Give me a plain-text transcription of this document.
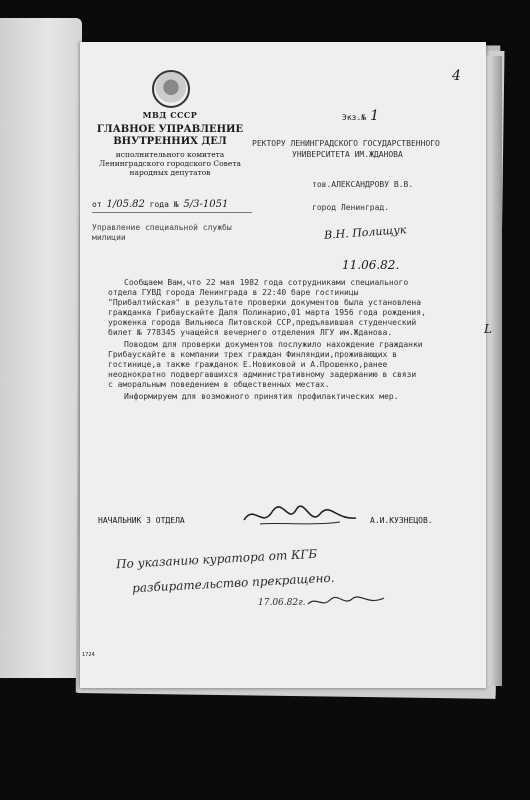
4
МВД СССР
ГЛАВНОЕ УПРАВЛЕНИЕ
ВНУТРЕННИХ ДЕЛ
исполнительного комитета
Ленинградского городского Совета
народных депутатов
Экз.№ 1
РЕКТОРУ ЛЕНИНГРАДСКОГО ГОСУДАРСТВЕННОГО
УНИВЕРСИТЕТА ИМ.ЖДАНОВА
тов.АЛЕКСАНДРОВУ В.В.
город Ленинград.
от 1/05.82 года № 5/3-1051
Управление специальной службы
милиции	В.Н. Полищук
11.06.82.
Сообщаем Вам,что 22 мая 1982 года сотрудниками специального
отдела ГУВД города Ленинграда в 22:40 баре гостиницы
"Прибалтийская" в результате проверки документов была установлена
гражданка Грибаускайте Даля Полинарио,01 марта 1956 года рождения,
уроженка города Вильнюса Литовской ССР,предъявившая студенческий
билет № 778345 учащейся вечернего отделения ЛГУ им.Жданова.
Поводом для проверки документов послужило нахождение гражданки
Грибаускайте в компании трех граждан Финляндии,проживающих в
гостинице,а также гражданок Е.Новиковой и А.Прошенко,ранее
неоднократно подвергавшихся административному задержанию в связи
с аморальным поведением в общественных местах.
Информируем для возможного принятия профилактических мер.
L
НАЧАЛЬНИК 3 ОТДЕЛА	А.И.КУЗНЕЦОВ.
По указанию куратора от КГБ
разбирательство прекращено.
17.06.82г.
1724
